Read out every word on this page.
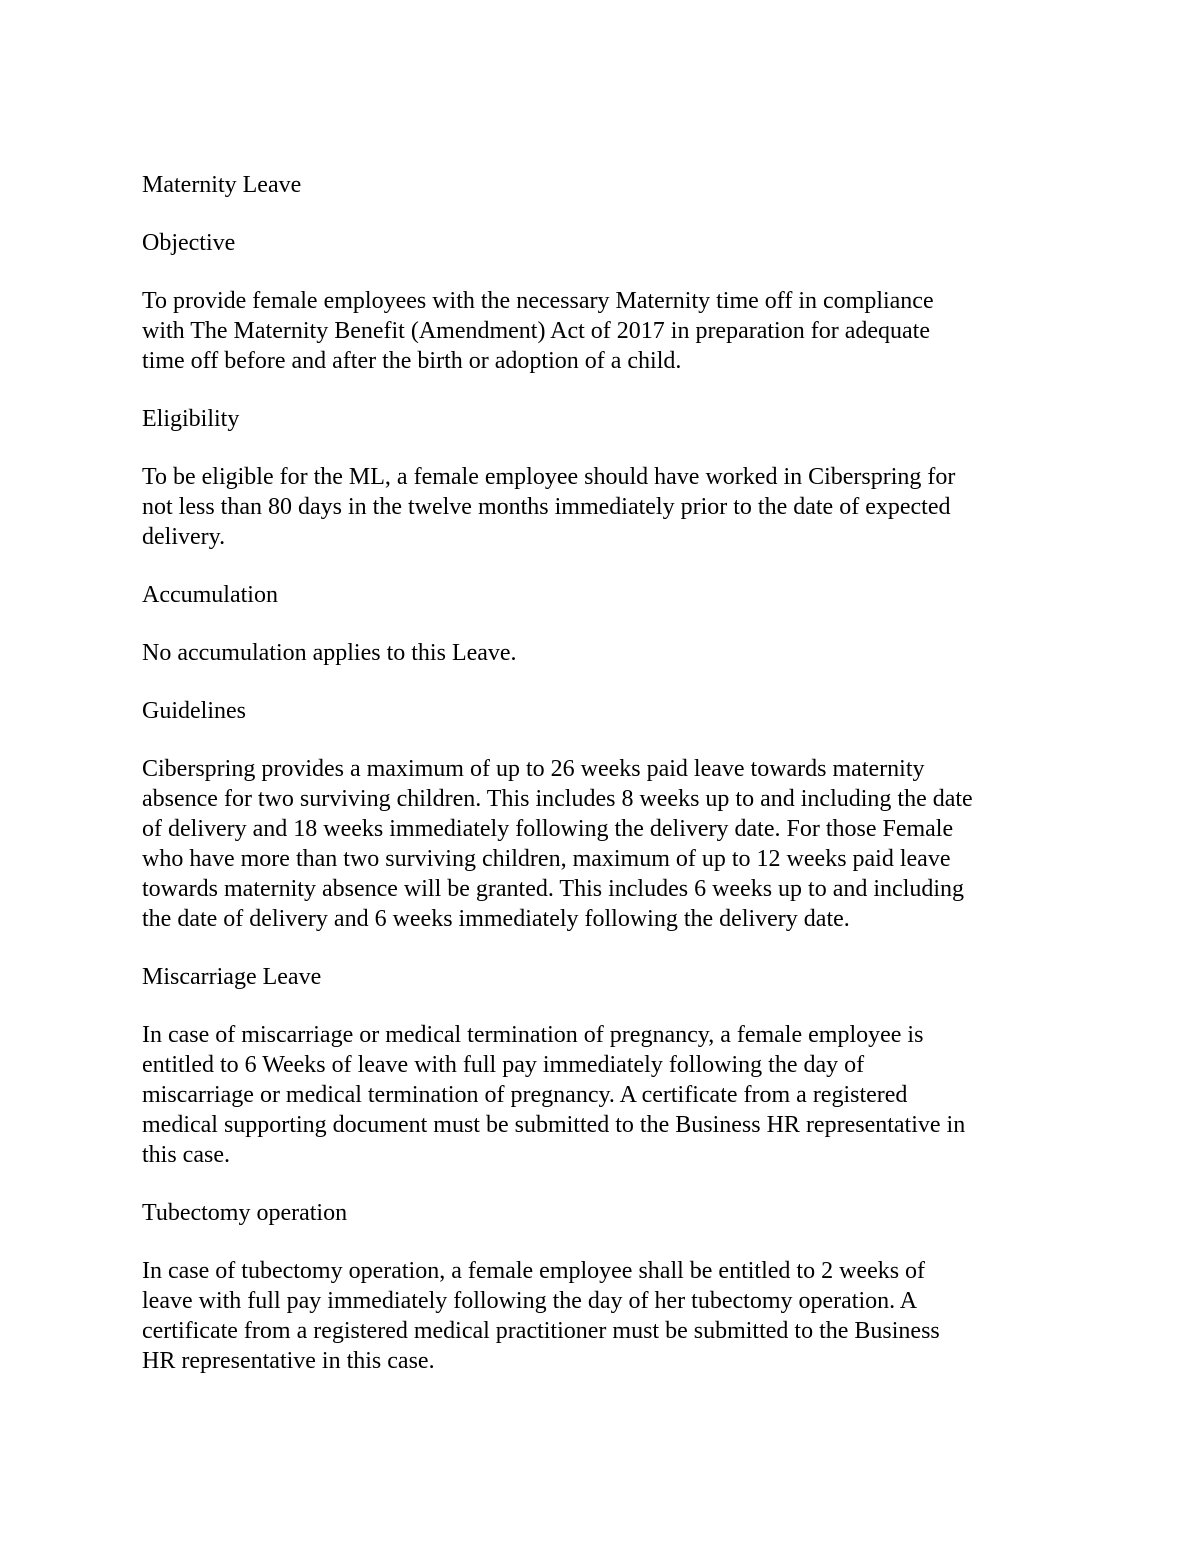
Maternity Leave
Objective
To provide female employees with the necessary Maternity time off in compliance
with The Maternity Benefit (Amendment) Act of 2017 in preparation for adequate
time off before and after the birth or adoption of a child.
Eligibility
To be eligible for the ML, a female employee should have worked in Ciberspring for
not less than 80 days in the twelve months immediately prior to the date of expected
delivery.
Accumulation
No accumulation applies to this Leave.
Guidelines
Ciberspring provides a maximum of up to 26 weeks paid leave towards maternity
absence for two surviving children. This includes 8 weeks up to and including the date
of delivery and 18 weeks immediately following the delivery date. For those Female
who have more than two surviving children, maximum of up to 12 weeks paid leave
towards maternity absence will be granted. This includes 6 weeks up to and including
the date of delivery and 6 weeks immediately following the delivery date.
Miscarriage Leave
In case of miscarriage or medical termination of pregnancy, a female employee is
entitled to 6 Weeks of leave with full pay immediately following the day of
miscarriage or medical termination of pregnancy. A certificate from a registered
medical supporting document must be submitted to the Business HR representative in
this case.
Tubectomy operation
In case of tubectomy operation, a female employee shall be entitled to 2 weeks of
leave with full pay immediately following the day of her tubectomy operation. A
certificate from a registered medical practitioner must be submitted to the Business
HR representative in this case.
